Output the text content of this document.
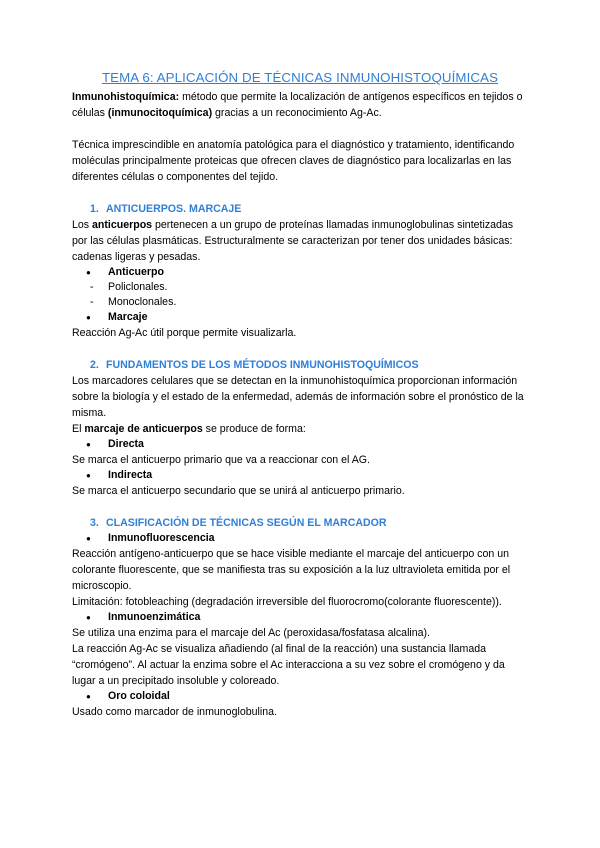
TEMA 6: APLICACIÓN DE TÉCNICAS INMUNOHISTOQUÍMICAS

Inmunohistoquímica: método que permite la localización de antígenos específicos en tejidos o células (inmunocitoquímica) gracias a un reconocimiento Ag-Ac.

Técnica imprescindible en anatomía patológica para el diagnóstico y tratamiento, identificando moléculas principalmente proteicas que ofrecen claves de diagnóstico para localizarlas en las diferentes células o componentes del tejido.

1. ANTICUERPOS. MARCAJE

Los anticuerpos pertenecen a un grupo de proteínas llamadas inmunoglobulinas sintetizadas por las células plasmáticas. Estructuralmente se caracterizan por tener dos unidades básicas: cadenas ligeras y pesadas.

● Anticuerpo
- Policlonales.
- Monoclonales.
● Marcaje

Reacción Ag-Ac útil porque permite visualizarla.

2. FUNDAMENTOS DE LOS MÉTODOS INMUNOHISTOQUÍMICOS

Los marcadores celulares que se detectan en la inmunohistoquímica proporcionan información sobre la biología y el estado de la enfermedad, además de información sobre el pronóstico de la misma.

El marcaje de anticuerpos se produce de forma:

● Directa

Se marca el anticuerpo primario que va a reaccionar con el AG.

● Indirecta

Se marca el anticuerpo secundario que se unirá al anticuerpo primario.

3. CLASIFICACIÓN DE TÉCNICAS SEGÚN EL MARCADOR
● Inmunofluorescencia

Reacción antígeno-anticuerpo que se hace visible mediante el marcaje del anticuerpo con un colorante fluorescente, que se manifiesta tras su exposición a la luz ultravioleta emitida por el microscopio.

Limitación: fotobleaching (degradación irreversible del fluorocromo(colorante fluorescente)).

● Inmunoenzimática

Se utiliza una enzima para el marcaje del Ac (peroxidasa/fosfatasa alcalina).

La reacción Ag-Ac se visualiza añadiendo (al final de la reacción) una sustancia llamada “cromógeno”. Al actuar la enzima sobre el Ac interacciona a su vez sobre el cromógeno y da lugar a un precipitado insoluble y coloreado.

● Oro coloidal

Usado como marcador de inmunoglobulina.
